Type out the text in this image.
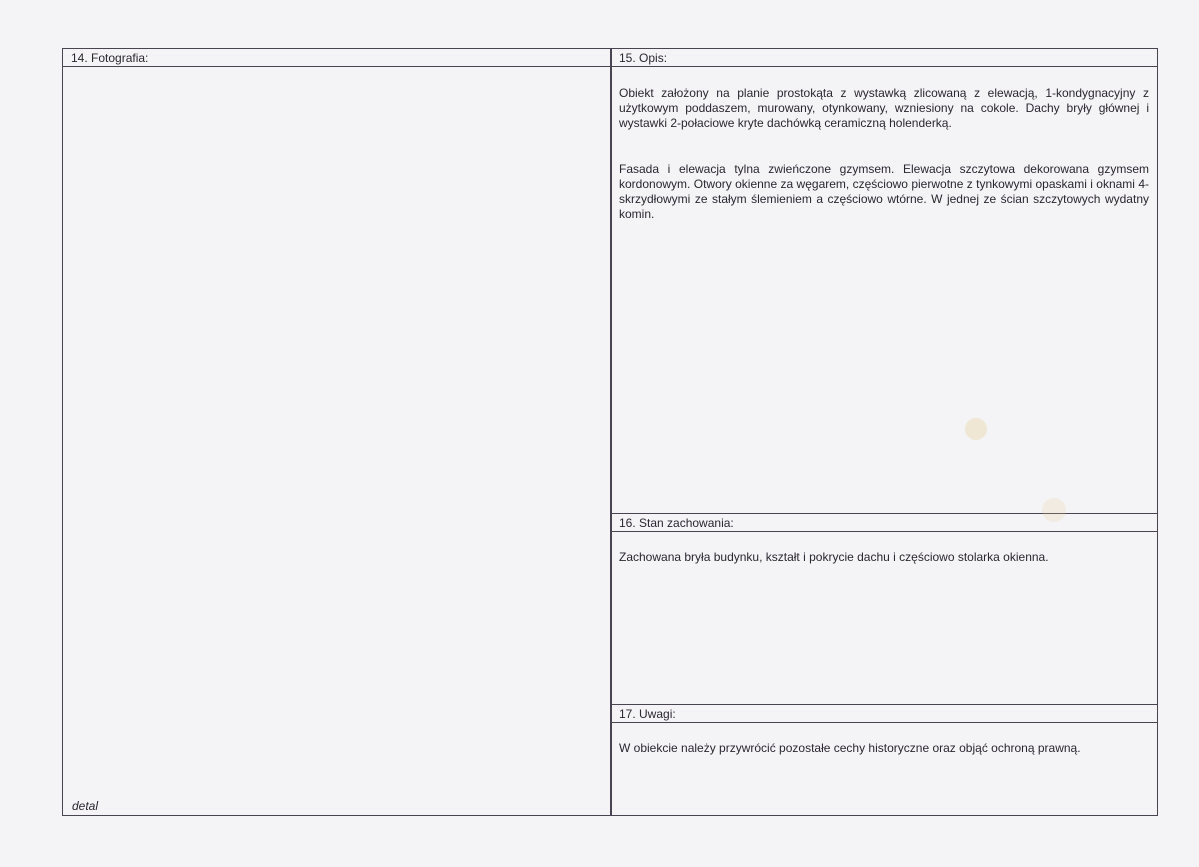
14. Fotografia:
detal
15. Opis:

Obiekt założony na planie prostokąta z wystawką zlicowaną z elewacją, 1-kondygnacyjny z użytkowym poddaszem, murowany, otynkowany, wzniesiony na cokole. Dachy bryły głównej i wystawki 2-połaciowe kryte dachówką ceramiczną holenderką.

Fasada i elewacja tylna zwieńczone gzymsem. Elewacja szczytowa dekorowana gzymsem kordonowym. Otwory okienne za węgarem, częściowo pierwotne z tynkowymi opaskami i oknami 4-skrzydłowymi ze stałym ślemieniem a częściowo wtórne. W jednej ze ścian szczytowych wydatny komin.

16. Stan zachowania:

Zachowana bryła budynku, kształt i pokrycie dachu i częściowo stolarka okienna.

17. Uwagi:

W obiekcie należy przywrócić pozostałe cechy historyczne oraz objąć ochroną prawną.
